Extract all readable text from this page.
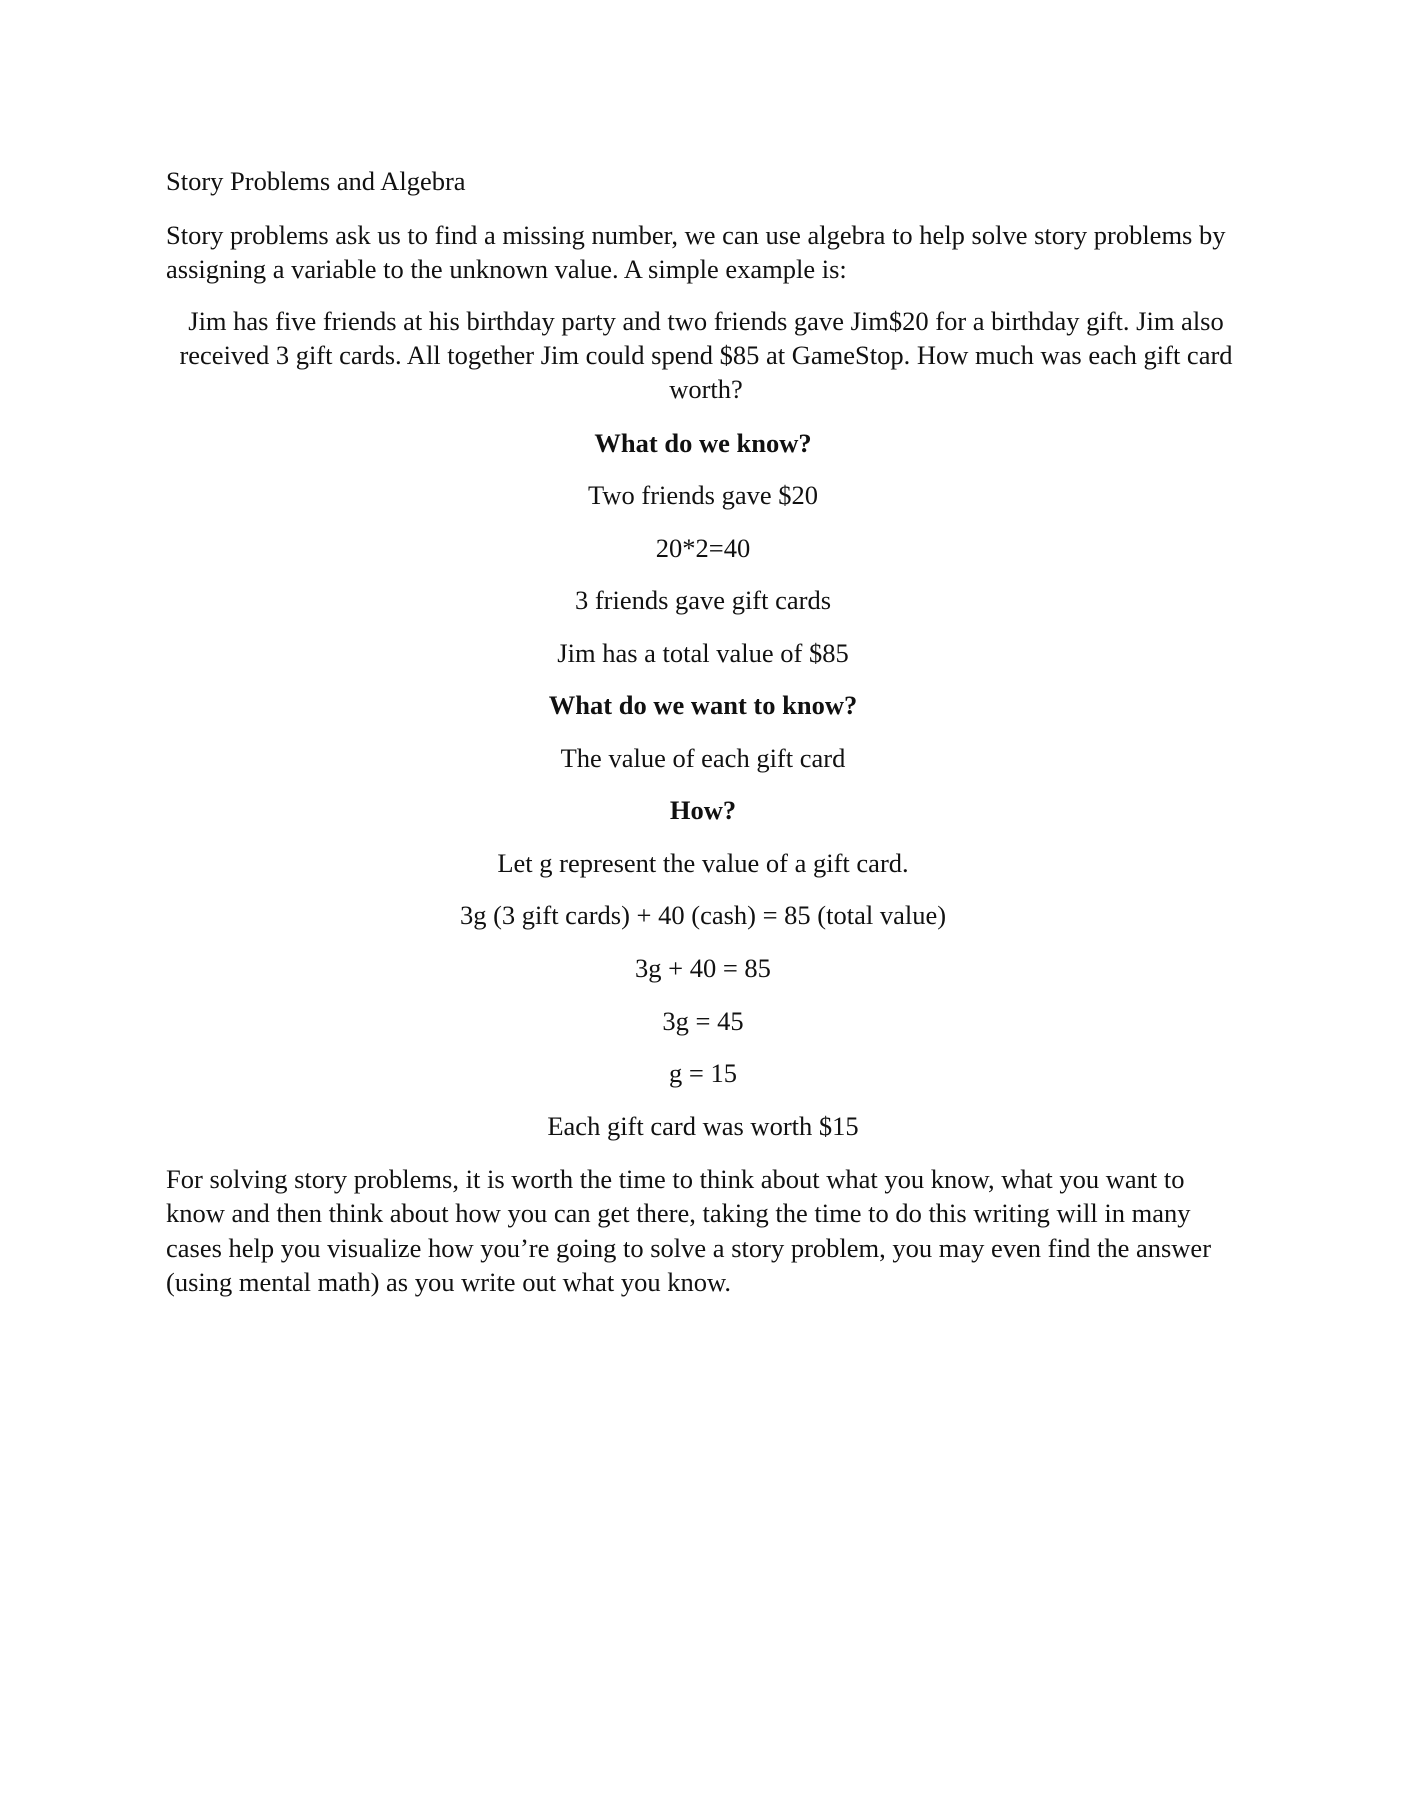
Story Problems and Algebra
Story problems ask us to find a missing number, we can use algebra to help solve story problems by assigning a variable to the unknown value. A simple example is:
Jim has five friends at his birthday party and two friends gave Jim$20 for a birthday gift. Jim also received 3 gift cards. All together Jim could spend $85 at GameStop. How much was each gift card worth?
What do we know?
Two friends gave $20
20*2=40
3 friends gave gift cards
Jim has a total value of $85
What do we want to know?
The value of each gift card
How?
Let g represent the value of a gift card.
3g (3 gift cards) + 40 (cash) = 85 (total value)
3g + 40 = 85
3g = 45
g = 15
Each gift card was worth $15
For solving story problems, it is worth the time to think about what you know, what you want to know and then think about how you can get there, taking the time to do this writing will in many cases help you visualize how you’re going to solve a story problem, you may even find the answer (using mental math) as you write out what you know.
